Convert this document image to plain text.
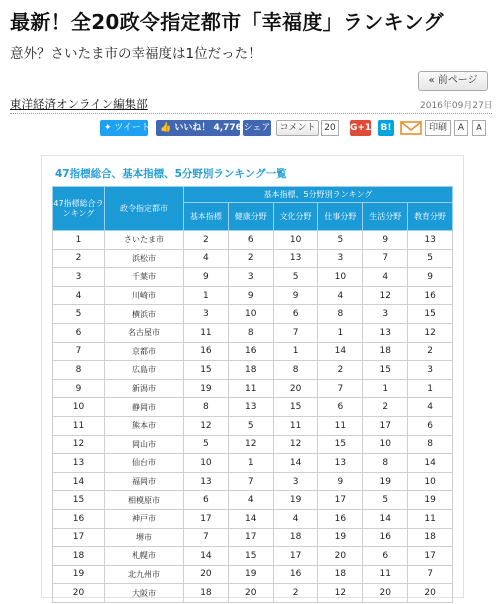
最新！全20政令指定都市「幸福度」ランキング
意外？さいたま市の幸福度は1位だった！
« 前ページ
東洋経済オンライン編集部	2016年09月27日
✦ ツイート	👍 いいね！ 4,776 シェア	コメント 20	G+1 B!	印刷	A	A
47指標総合、基本指標、5分野別ランキング一覧
47指標総合ランキング	政令指定都市	基本指標、5分野別ランキング					
		基本指標	健康分野	文化分野	仕事分野	生活分野	教育分野
1	さいたま市	2	6	10	5	9	13
2	浜松市	4	2	13	3	7	5
3	千葉市	9	3	5	10	4	9
4	川崎市	1	9	9	4	12	16
5	横浜市	3	10	6	8	3	15
6	名古屋市	11	8	7	1	13	12
7	京都市	16	16	1	14	18	2
8	広島市	15	18	8	2	15	3
9	新潟市	19	11	20	7	1	1
10	静岡市	8	13	15	6	2	4
11	熊本市	12	5	11	11	17	6
12	岡山市	5	12	12	15	10	8
13	仙台市	10	1	14	13	8	14
14	福岡市	13	7	3	9	19	10
15	相模原市	6	4	19	17	5	19
16	神戸市	17	14	4	16	14	11
17	堺市	7	17	18	19	16	18
18	札幌市	14	15	17	20	6	17
19	北九州市	20	19	16	18	11	7
20	大阪市	18	20	2	12	20	20
